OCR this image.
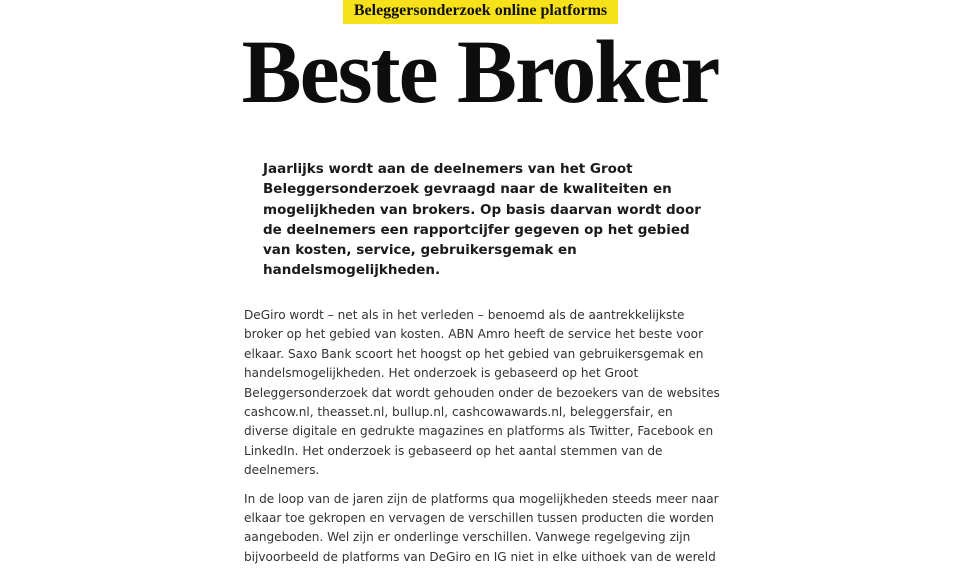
Beleggersonderzoek online platforms
Beste Broker

Jaarlijks wordt aan de deelnemers van het Groot Beleggersonderzoek gevraagd naar de kwaliteiten en mogelijkheden van brokers. Op basis daarvan wordt door de deelnemers een rapportcijfer gegeven op het gebied van kosten, service, gebruikersgemak en handelsmogelijkheden.

DeGiro wordt – net als in het verleden – benoemd als de aantrekkelijkste broker op het gebied van kosten. ABN Amro heeft de service het beste voor elkaar. Saxo Bank scoort het hoogst op het gebied van gebruikersgemak en handelsmogelijkheden. Het onderzoek is gebaseerd op het Groot Beleggersonderzoek dat wordt gehouden onder de bezoekers van de websites cashcow.nl, theasset.nl, bullup.nl, cashcowawards.nl, beleggersfair, en diverse digitale en gedrukte magazines en platforms als Twitter, Facebook en LinkedIn. Het onderzoek is gebaseerd op het aantal stemmen van de deelnemers.

In de loop van de jaren zijn de platforms qua mogelijkheden steeds meer naar elkaar toe gekropen en vervagen de verschillen tussen producten die worden aangeboden. Wel zijn er onderlinge verschillen. Vanwege regelgeving zijn bijvoorbeeld de platforms van DeGiro en IG niet in elke uithoek van de wereld
